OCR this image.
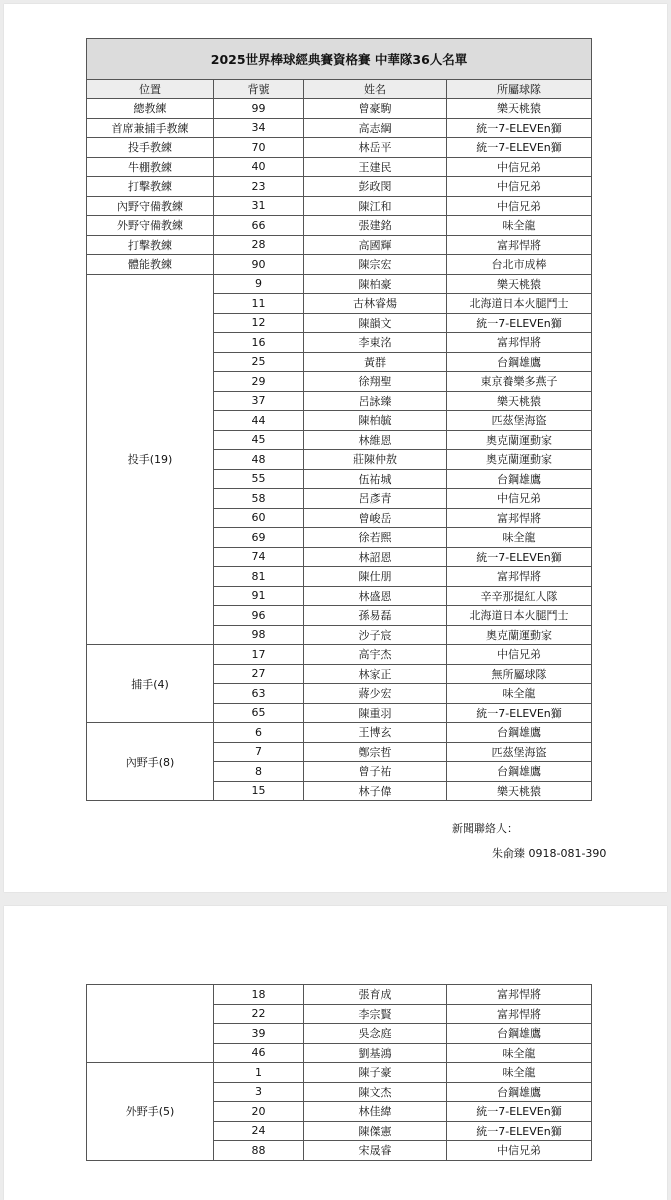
2025世界棒球經典賽資格賽 中華隊36人名單			
位置	背號	姓名	所屬球隊
總教練	99	曾豪駒	樂天桃猿
首席兼捕手教練	34	高志綱	統一7-ELEVEn獅
投手教練	70	林岳平	統一7-ELEVEn獅
牛棚教練	40	王建民	中信兄弟
打擊教練	23	彭政閔	中信兄弟
內野守備教練	31	陳江和	中信兄弟
外野守備教練	66	張建銘	味全龍
打擊教練	28	高國輝	富邦悍將
體能教練	90	陳宗宏	台北市成棒
投手(19)	9	陳柏豪	樂天桃猿
	11	古林睿煬	北海道日本火腿鬥士
	12	陳韻文	統一7-ELEVEn獅
	16	李東洺	富邦悍將
	25	黃群	台鋼雄鷹
	29	徐翔聖	東京養樂多燕子
	37	呂詠臻	樂天桃猿
	44	陳柏毓	匹茲堡海盜
	45	林維恩	奧克蘭運動家
	48	莊陳仲敖	奧克蘭運動家
	55	伍祐城	台鋼雄鷹
	58	呂彥青	中信兄弟
	60	曾峻岳	富邦悍將
	69	徐若熙	味全龍
	74	林詔恩	統一7-ELEVEn獅
	81	陳仕朋	富邦悍將
	91	林盛恩	辛辛那提紅人隊
	96	孫易磊	北海道日本火腿鬥士
	98	沙子宸	奧克蘭運動家
捕手(4)	17	高宇杰	中信兄弟
	27	林家正	無所屬球隊
	63	蔣少宏	味全龍
	65	陳重羽	統一7-ELEVEn獅
內野手(8)	6	王博玄	台鋼雄鷹
	7	鄭宗哲	匹茲堡海盜
	8	曾子祐	台鋼雄鷹
	15	林子偉	樂天桃猿
新聞聯絡人：
朱俞臻 0918-081-390
	18	張育成	富邦悍將
	22	李宗賢	富邦悍將
	39	吳念庭	台鋼雄鷹
	46	劉基鴻	味全龍
外野手(5)	1	陳子豪	味全龍
	3	陳文杰	台鋼雄鷹
	20	林佳緯	統一7-ELEVEn獅
	24	陳傑憲	統一7-ELEVEn獅
	88	宋晟睿	中信兄弟
